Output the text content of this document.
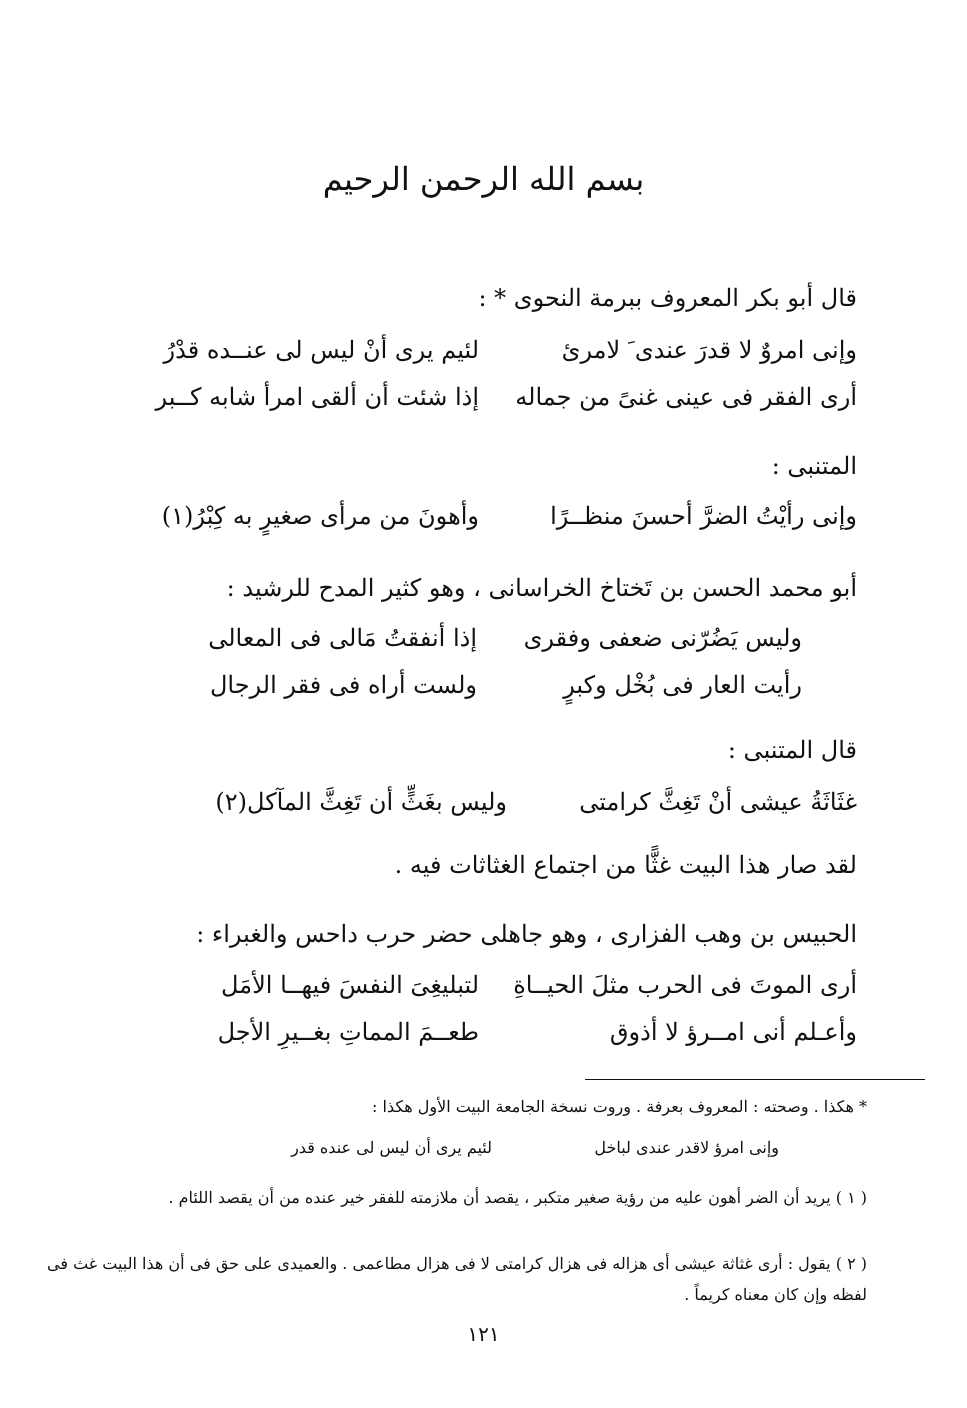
بسم الله الرحمن الرحيم
قال أبو بكر المعروف ببرمة النحوى * :
وإنى امروٌ لا قدرَ عندى َ لامرئ
لئيم يرى أنْ ليس لى عنــده قدْرُ
أرى الفقر فى عينى غنىً من جماله
إذا شئت أن ألقى امرأ شابه كــبر
المتنبى :
وإنى رأيْتُ الضرَّ أحسنَ منظــرًا
وأهونَ من مرأى صغيرٍ به كِبْرُ(١)
أبو محمد الحسن بن تَختاخ الخراسانى ، وهو كثير المدح للرشيد :
وليس يَضُرّنى ضعفى وفقرى
إذا أنفقتُ مَالى فى المعالى
رأيت العار فى بُخْل وكبرٍ
ولست أراه فى فقر الرجال
قال المتنبى :
غثَاثَةُ عيشى أنْ تَغِثَّ كرامتى
وليس بغَثٍّ أن تَغِثَّ المآكل(٢)
لقد صار هذا البيت غثًّا من اجتماع الغثاثات فيه .
الحبيس بن وهب الفزارى ، وهو جاهلى حضر حرب داحس والغبراء :
أرى الموتَ فى الحرب مثلَ الحيــاةِ
لتبليغِىَ النفسَ فيهــا الأمَل
وأعـلم أنى امــرؤ لا أذوق
طعــمَ المماتِ بغــيرِ الأجل
* هكذا . وصحته : المعروف بعرفة . وروت نسخة الجامعة البيت الأول هكذا :
وإنى امرؤ لاقدر عندى لباخل
لئيم يرى أن ليس لى عنده قدر
( ١ ) يريد أن الضر أهون عليه من رؤية صغير متكبر ، يقصد أن ملازمته للفقر خير عنده من أن يقصد اللئام .
( ٢ ) يقول : أرى غثاثة عيشى أى هزاله فى هزال كرامتى لا فى هزال مطاعمى . والعميدى على حق فى أن هذا البيت غث فى لفظه وإن كان معناه كريماً .
١٢١
